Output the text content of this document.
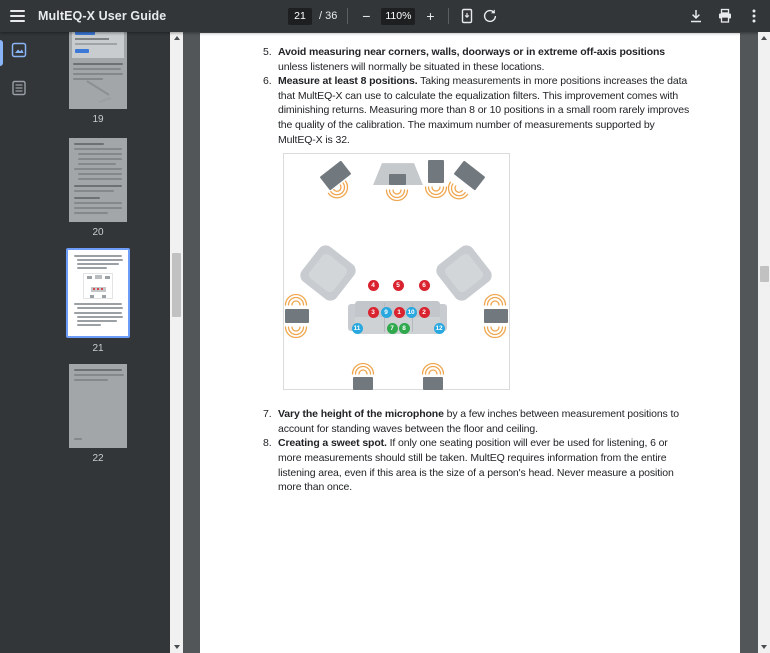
MultEQ-X User Guide	21	/ 36 −	110% +
19
20
21
22
5. Avoid measuring near corners, walls, doorways or in extreme off-axis positions
unless listeners will normally be situated in these locations.
6. Measure at least 8 positions. Taking measurements in more positions increases the data
that MultEQ-X can use to calculate the equalization filters. This improvement comes with
diminishing returns. Measuring more than 8 or 10 positions in a small room rarely improves
the quality of the calibration. The maximum number of measurements supported by
MultEQ-X is 32.
1	2
3
4	5	6
7	8
9	10
11	12
7. Vary the height of the microphone by a few inches between measurement positions to
account for standing waves between the floor and ceiling.
8. Creating a sweet spot. If only one seating position will ever be used for listening, 6 or
more measurements should still be taken. MultEQ requires information from the entire
listening area, even if this area is the size of a person's head. Never measure a position
more than once.
